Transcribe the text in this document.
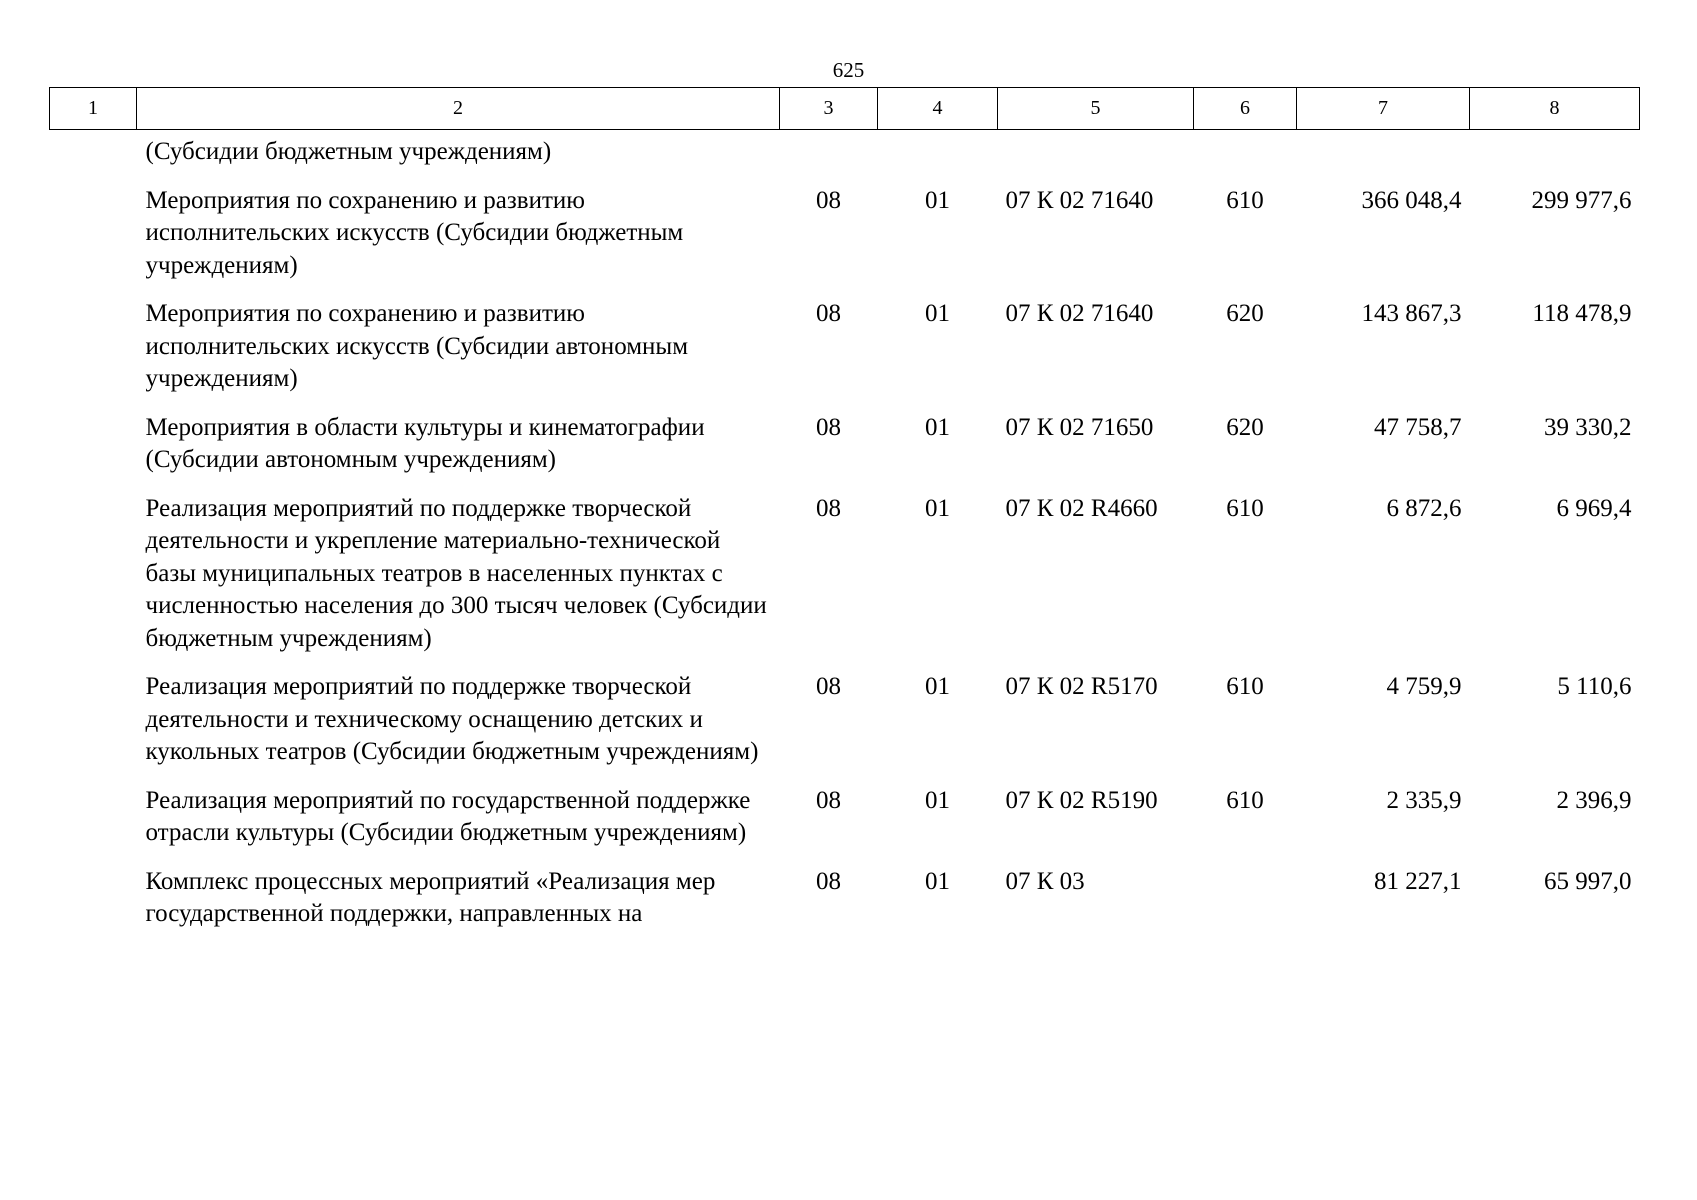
625
1	2	3	4	5	6	7	8
	(Субсидии бюджетным учреждениям)						
	Мероприятия по сохранению и развитию исполнительских искусств (Субсидии бюджетным учреждениям)	08	01	07 К 02 71640	610	366 048,4	299 977,6
	Мероприятия по сохранению и развитию исполнительских искусств (Субсидии автономным учреждениям)	08	01	07 К 02 71640	620	143 867,3	118 478,9
	Мероприятия в области культуры и кинематографии (Субсидии автономным учреждениям)	08	01	07 К 02 71650	620	47 758,7	39 330,2
	Реализация мероприятий по поддержке творческой деятельности и укрепление материально-технической базы муниципальных театров в населенных пунктах с численностью населения до 300 тысяч человек (Субсидии бюджетным учреждениям)	08	01	07 К 02 R4660	610	6 872,6	6 969,4
	Реализация мероприятий по поддержке творческой деятельности и техническому оснащению детских и кукольных театров (Субсидии бюджетным учреждениям)	08	01	07 К 02 R5170	610	4 759,9	5 110,6
	Реализация мероприятий по государственной поддержке отрасли культуры (Субсидии бюджетным учреждениям)	08	01	07 К 02 R5190	610	2 335,9	2 396,9
	Комплекс процессных мероприятий «Реализация мер государственной поддержки, направленных на	08	01	07 К 03		81 227,1	65 997,0
